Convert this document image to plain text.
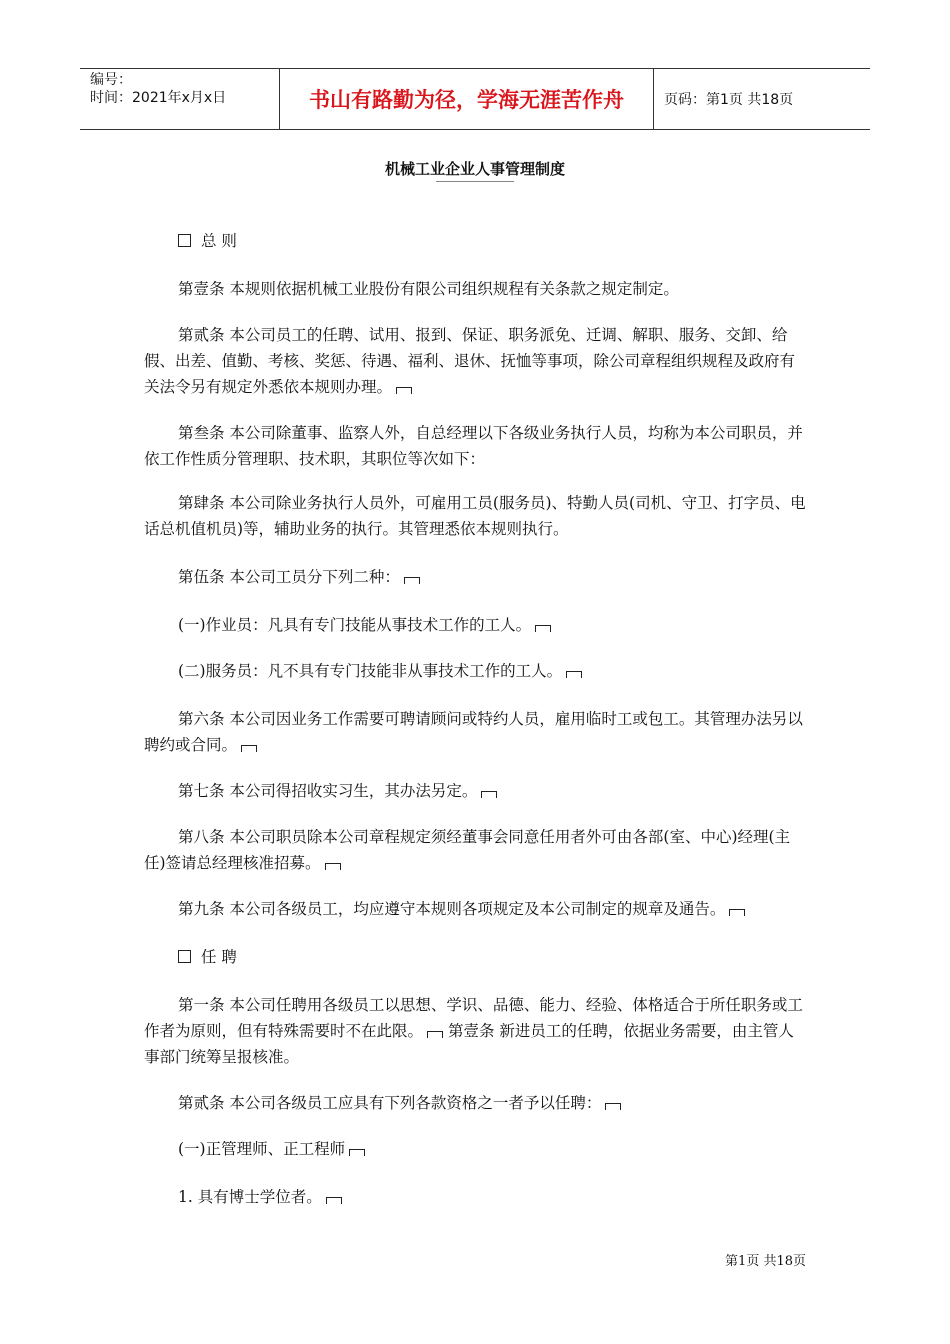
编号：
时间：2021年x月x日	书山有路勤为径，学海无涯苦作舟	页码：第1页 共18页
机械工业企业人事管理制度

总 则

第壹条 本规则依据机械工业股份有限公司组织规程有关条款之规定制定。

第贰条 本公司员工的任聘、试用、报到、保证、职务派免、迁调、解职、服务、交卸、给假、出差、值勤、考核、奖惩、待遇、福利、退休、抚恤等事项，除公司章程组织规程及政府有关法令另有规定外悉依本规则办理。

第叁条 本公司除董事、监察人外，自总经理以下各级业务执行人员，均称为本公司职员，并依工作性质分管理职、技术职，其职位等次如下：

第肆条 本公司除业务执行人员外，可雇用工员(服务员)、特勤人员(司机、守卫、打字员、电话总机值机员)等，辅助业务的执行。其管理悉依本规则执行。

第伍条 本公司工员分下列二种：

(一)作业员：凡具有专门技能从事技术工作的工人。

(二)服务员：凡不具有专门技能非从事技术工作的工人。

第六条 本公司因业务工作需要可聘请顾问或特约人员，雇用临时工或包工。其管理办法另以聘约或合同。

第七条 本公司得招收实习生，其办法另定。

第八条 本公司职员除本公司章程规定须经董事会同意任用者外可由各部(室、中心)经理(主任)签请总经理核准招募。

第九条 本公司各级员工，均应遵守本规则各项规定及本公司制定的规章及通告。

任 聘

第一条 本公司任聘用各级员工以思想、学识、品德、能力、经验、体格适合于所任职务或工作者为原则，但有特殊需要时不在此限。 第壹条 新进员工的任聘，依据业务需要，由主管人事部门统筹呈报核准。

第贰条 本公司各级员工应具有下列各款资格之一者予以任聘：

(一)正管理师、正工程师

1. 具有博士学位者。

第1页 共18页
